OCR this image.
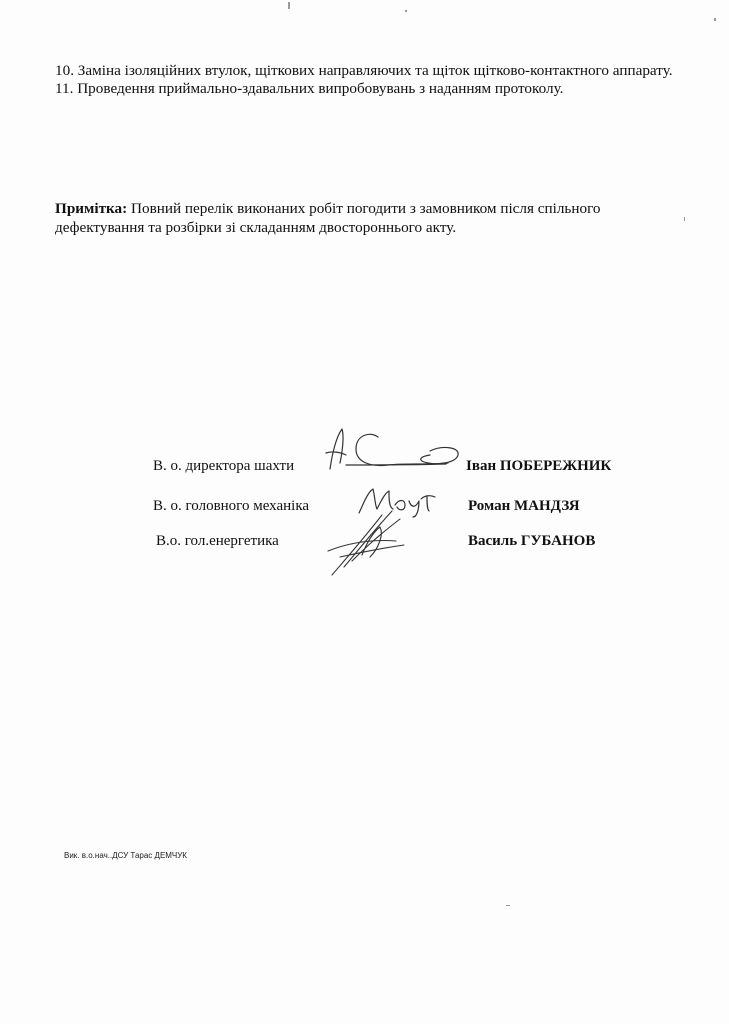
10. Заміна ізоляційних втулок, щіткових направляючих та щіток щітково-контактного аппарату.
11. Проведення приймально-здавальних випробовувань з наданням протоколу.
Примітка: Повний перелік виконаних робіт погодити з замовником після спільного дефектування та розбірки зі складанням двостороннього акту.
В. о. директора шахти	Іван ПОБЕРЕЖНИК
В. о. головного механіка	Роман МАНДЗЯ
В.о. гол.енергетика	Василь ГУБАНОВ
Вик. в.о.нач..ДСУ Тарас ДЕМЧУК
